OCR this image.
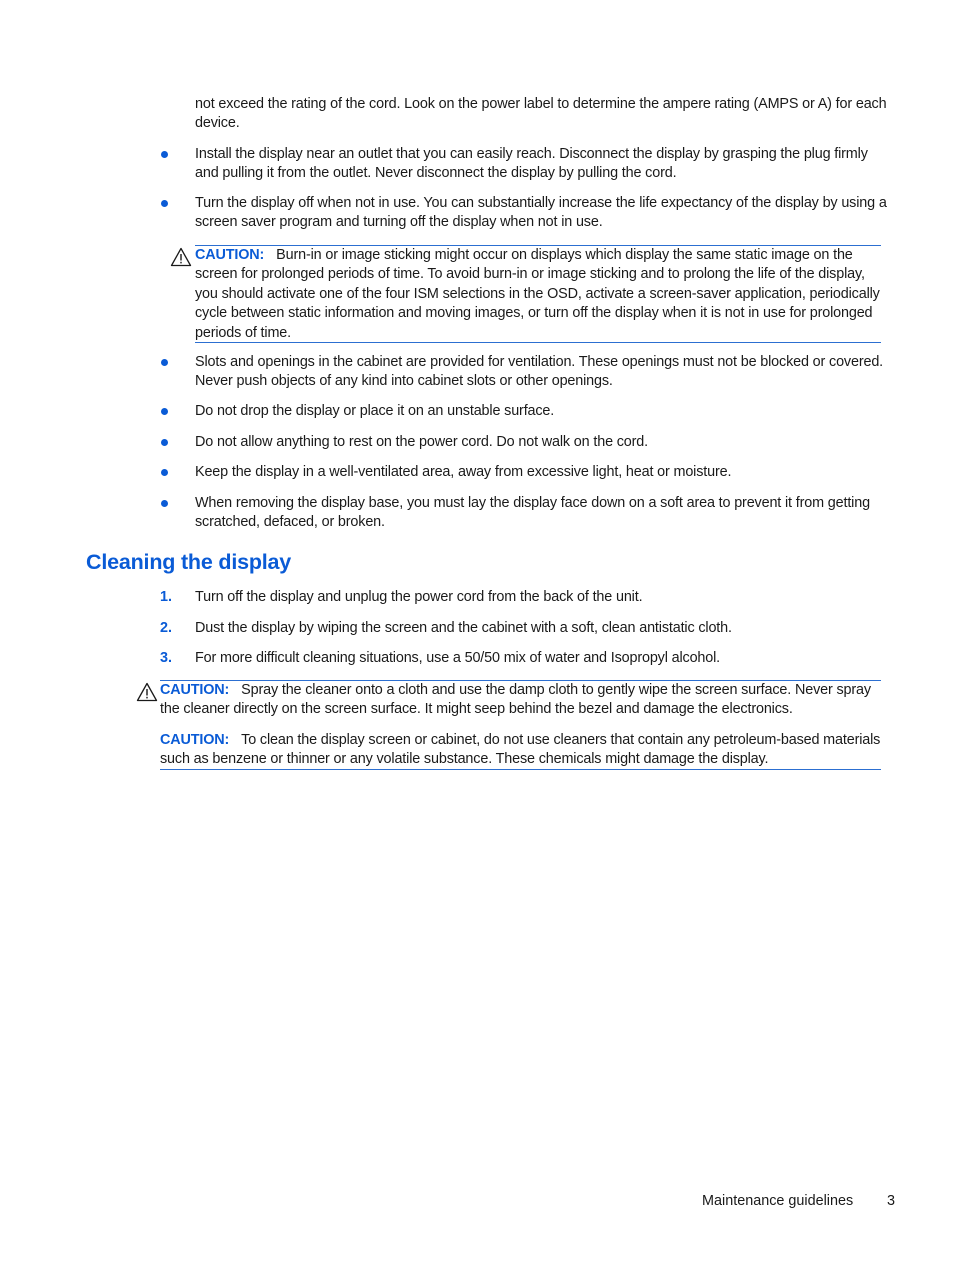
not exceed the rating of the cord. Look on the power label to determine the ampere rating (AMPS or A) for each device.
Install the display near an outlet that you can easily reach. Disconnect the display by grasping the plug firmly and pulling it from the outlet. Never disconnect the display by pulling the cord.
Turn the display off when not in use. You can substantially increase the life expectancy of the display by using a screen saver program and turning off the display when not in use.
CAUTION: Burn-in or image sticking might occur on displays which display the same static image on the screen for prolonged periods of time. To avoid burn-in or image sticking and to prolong the life of the display, you should activate one of the four ISM selections in the OSD, activate a screen-saver application, periodically cycle between static information and moving images, or turn off the display when it is not in use for prolonged periods of time.
Slots and openings in the cabinet are provided for ventilation. These openings must not be blocked or covered. Never push objects of any kind into cabinet slots or other openings.
Do not drop the display or place it on an unstable surface.
Do not allow anything to rest on the power cord. Do not walk on the cord.
Keep the display in a well-ventilated area, away from excessive light, heat or moisture.
When removing the display base, you must lay the display face down on a soft area to prevent it from getting scratched, defaced, or broken.
Cleaning the display
1. Turn off the display and unplug the power cord from the back of the unit.
2. Dust the display by wiping the screen and the cabinet with a soft, clean antistatic cloth.
3. For more difficult cleaning situations, use a 50/50 mix of water and Isopropyl alcohol.
CAUTION: Spray the cleaner onto a cloth and use the damp cloth to gently wipe the screen surface. Never spray the cleaner directly on the screen surface. It might seep behind the bezel and damage the electronics.
CAUTION: To clean the display screen or cabinet, do not use cleaners that contain any petroleum-based materials such as benzene or thinner or any volatile substance. These chemicals might damage the display.
Maintenance guidelines 3
